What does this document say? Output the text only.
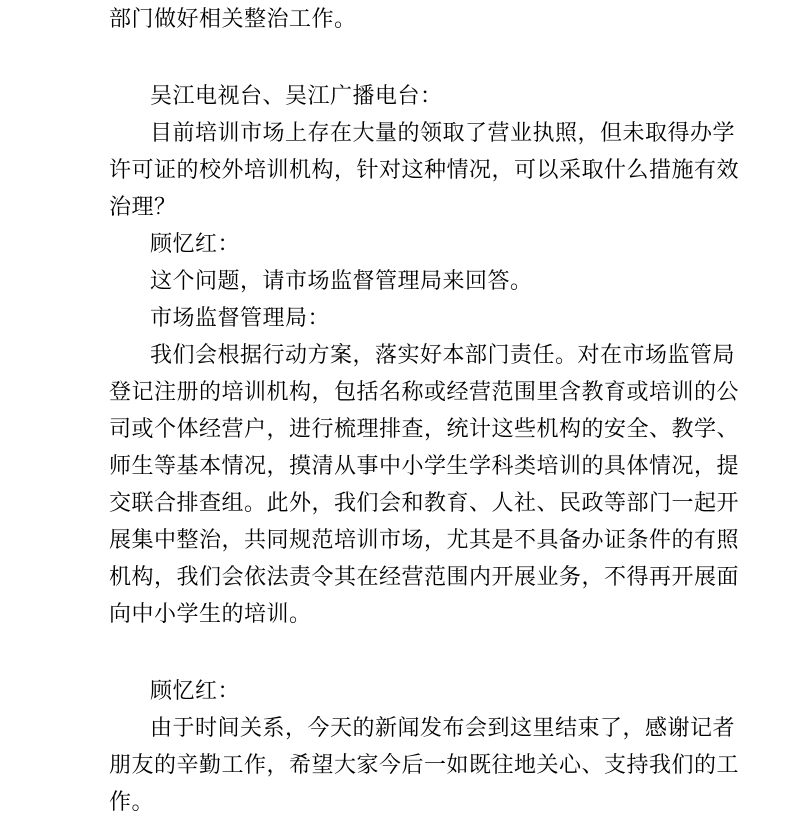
部门做好相关整治工作。
吴江电视台、吴江广播电台：
目前培训市场上存在大量的领取了营业执照，但未取得办学
许可证的校外培训机构，针对这种情况，可以采取什么措施有效
治理？
顾忆红：
这个问题，请市场监督管理局来回答。
市场监督管理局：
我们会根据行动方案，落实好本部门责任。对在市场监管局
登记注册的培训机构，包括名称或经营范围里含教育或培训的公
司或个体经营户，进行梳理排查，统计这些机构的安全、教学、
师生等基本情况，摸清从事中小学生学科类培训的具体情况，提
交联合排查组。此外，我们会和教育、人社、民政等部门一起开
展集中整治，共同规范培训市场，尤其是不具备办证条件的有照
机构，我们会依法责令其在经营范围内开展业务，不得再开展面
向中小学生的培训。
顾忆红：
由于时间关系，今天的新闻发布会到这里结束了，感谢记者
朋友的辛勤工作，希望大家今后一如既往地关心、支持我们的工
作。
